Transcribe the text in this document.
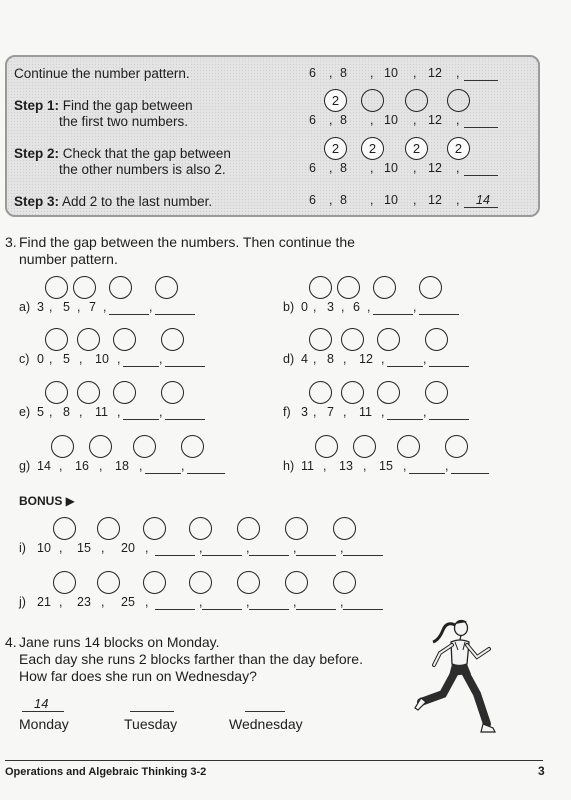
Continue the number pattern.
Step 1: Find the gap between
the first two numbers.
Step 2: Check that the gap between
the other numbers is also 2.
Step 3: Add 2 to the last number.
6 , 8 , 10 , 12 ,
6 , 8 , 10 , 12 ,
2
6 , 8 , 10 , 12 ,
2	2	2	2
6 , 8 , 10 , 12 , 14
3. Find the gap between the numbers. Then continue the
number pattern.
a) 3 , 5 , 7 ,	,	b) 0 , 3 , 6 ,	,
c) 0 , 5 , 10 ,	,	d) 4 , 8 , 12 ,	,
e) 5 , 8 , 11 ,	,	f) 3 , 7 , 11 ,	,
g) 14 , 16 , 18 ,	,	h) 11 , 13 , 15 ,	,
BONUS ▶
i) 10 , 15 , 20 ,	,	,	,	,
j) 21 , 23 , 25 ,	,	,	,	,
4. Jane runs 14 blocks on Monday.
Each day she runs 2 blocks farther than the day before.
How far does she run on Wednesday?
14
Monday	Tuesday	Wednesday
Operations and Algebraic Thinking 3-2	3
